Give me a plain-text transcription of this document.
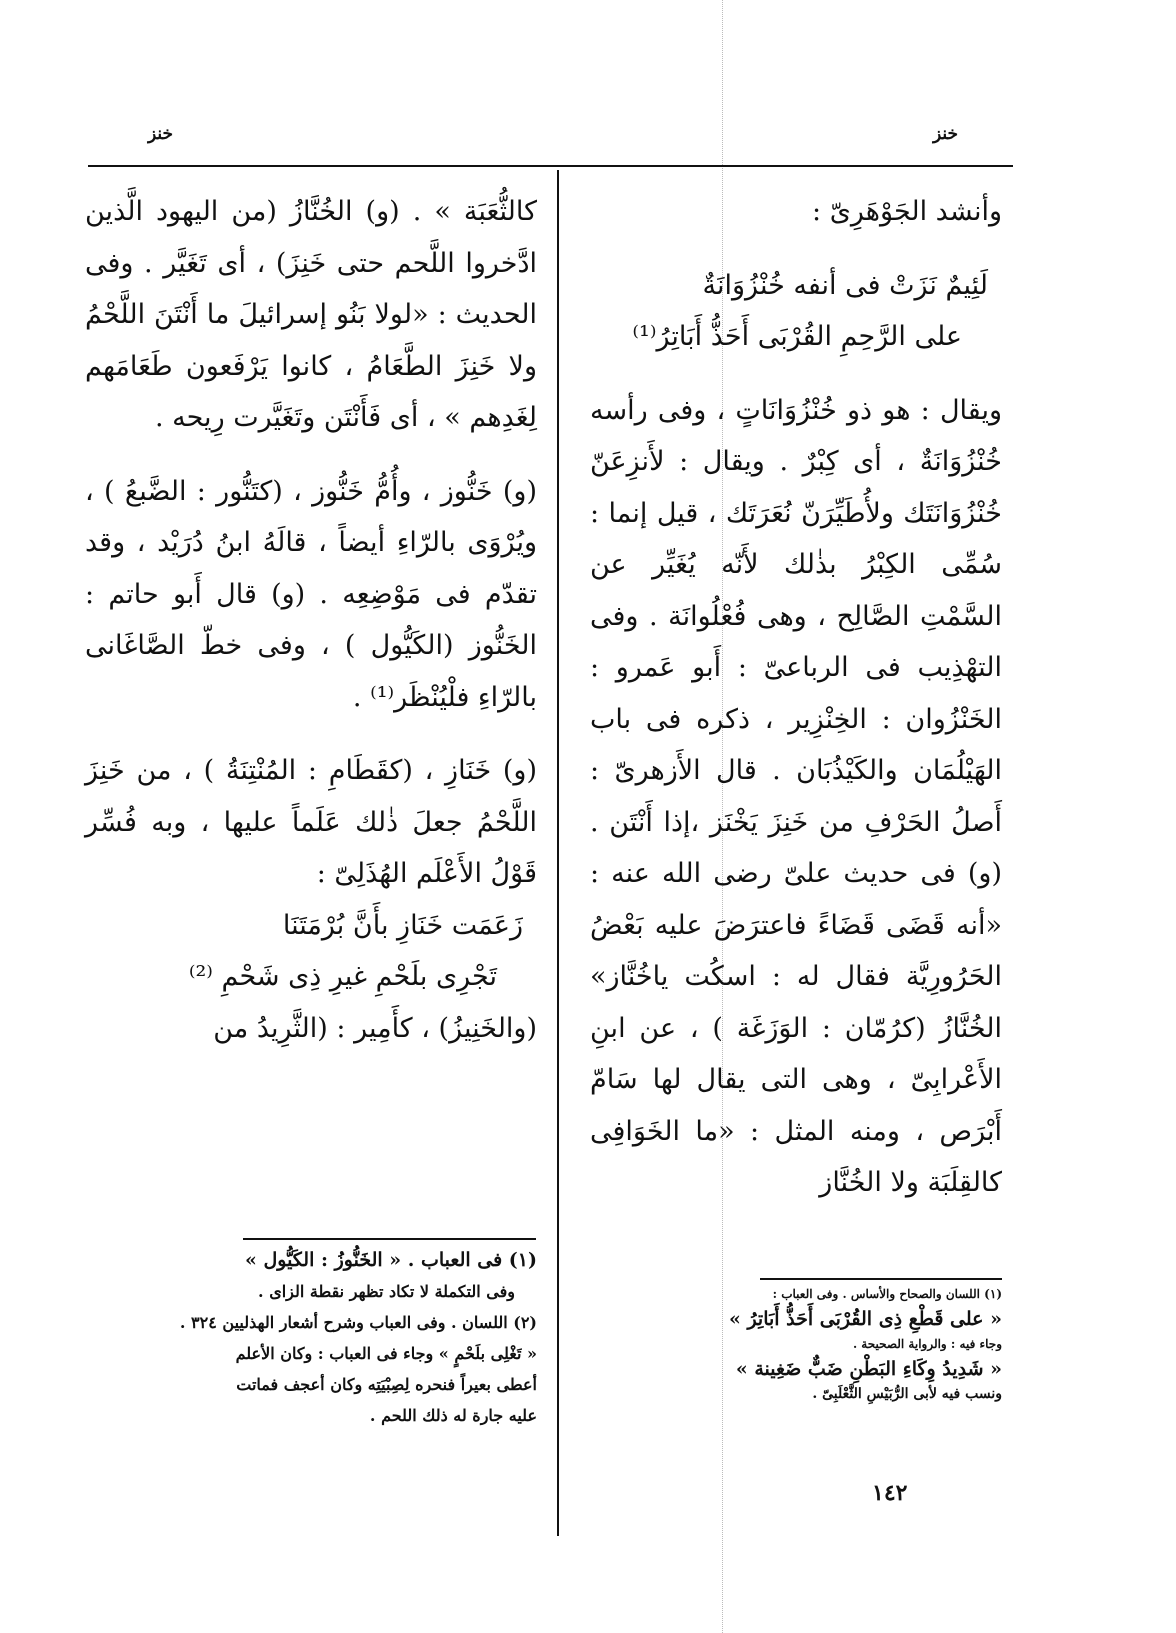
خنز	خنز

وأنشد الجَوْهَرِىّ :

لَئِيمٌ نَزَتْ فى أنفه خُنْزُوَانَةٌ

على الرَّحِمِ القُرْبَى أَحَذُّ أَبَاتِرُ⁽¹⁾

ويقال : هو ذو خُنْزُوَانَاتٍ ، وفى رأسه خُنْزُوَانَةٌ ، أى كِبْرٌ . ويقال : لأَنزِعَنّ خُنْزُوَانَتَك ولأُطَيِّرَنّ نُعَرَتَك ، قيل إنما : سُمِّى الكِبْرُ بذٰلك لأَنّه يُغَيِّر عن السَّمْتِ الصَّالِح ، وهى فُعْلُوانَة . وفى التهْذِيب فى الرباعىّ : أَبو عَمرو : الخَنْزُوان : الخِنْزِير ، ذكره فى باب الهَيْلُمَان والكَيْذُبَان . قال الأَزهرىّ : أَصلُ الحَرْفِ من خَنِزَ يَخْنَز ،إذا أَنْتَن . (و) فى حديث علىّ رضى الله عنه : «أنه قَضَى قَضَاءً فاعترَضَ عليه بَعْضُ الحَرُورِيَّة فقال له : اسكُت ياخُنَّاز» الخُنَّازُ (كرُمّان : الوَزَغَة ) ، عن ابنِ الأَعْرابِىّ ، وهى التى يقال لها سَامّ أَبْرَص ، ومنه المثل : «ما الخَوَافِى كالقِلَبَة ولا الخُنَّاز

كالثُّعَبَة » . (و) الخُنَّازُ (من اليهود الَّذين ادَّخروا اللَّحم حتى خَنِزَ) ، أى تَغَيَّر . وفى الحديث : «لولا بَنُو إسرائيلَ ما أَنْتَنَ اللَّحْمُ ولا خَنِزَ الطَّعَامُ ، كانوا يَرْفَعون طَعَامَهم لِغَدِهم » ، أى فَأَنْتَن وتَغَيَّرت رِيحه .

(و) خَنُّوز ، وأُمُّ خَنُّوز ، (كتَنُّور : الضَّبعُ ) ، ويُرْوَى بالرّاءِ أيضاً ، قالَهُ ابنُ دُرَيْد ، وقد تقدّم فى مَوْضِعِه . (و) قال أَبو حاتم : الخَنُّوز (الكَيُّول ) ، وفى خطّ الصَّاغَانى بالرّاءِ فلْيُنْظَر⁽¹⁾ .

(و) خَنَازِ ، (كقَطَامِ : المُنْتِنَةُ ) ، من خَنِزَ اللَّحْمُ جعلَ ذٰلك عَلَماً عليها ، وبه فُسِّر قَوْلُ الأَعْلَم الهُذَلِىّ :

زَعَمَت خَنَازِ بأَنَّ بُرْمَتَنَا

تَجْرِى بلَحْمِ غيرِ ذِى شَحْمِ ⁽²⁾

(والخَنِيزُ) ، كأَمِير : (الثَّرِيدُ من

(١) فى العباب . « الخَنُّوزُ : الكَيُّول »

وفى التكملة لا تكاد تظهر نقطة الزاى .

(٢) اللسان . وفى العباب وشرح أشعار الهذليين ٣٢٤ .

« تَغْلِى بلَحْمٍ » وجاء فى العباب : وكان الأعلم

أعطى بعيراً فنحره لِصِبْيَتِه وكان أعجف فماتت

عليه جارة له ذلك اللحم .

(١) اللسان والصحاح والأساس . وفى العباب :

« على قَطْعِ ذِى القُرْبَى أَحَذُّ أَبَاتِرُ »

وجاء فيه : والرواية الصحيحة .

« شَدِيدُ وِكَاءِ البَطْنِ ضَبٌّ ضَغِينة »

ونسب فيه لأبى الرُّبَيْسِ الثَّعْلَبِىّ .

١٤٢
